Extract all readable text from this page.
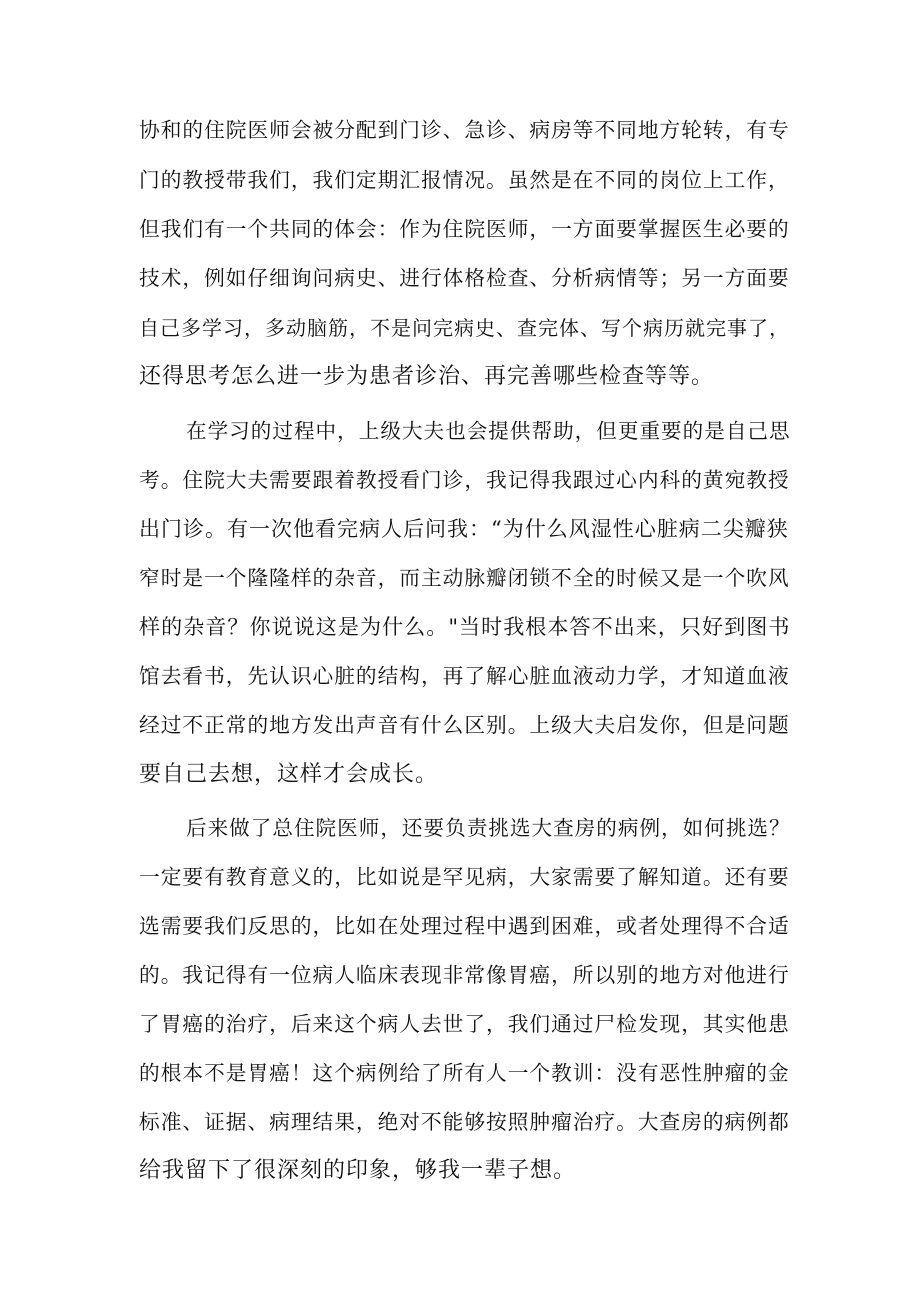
协和的住院医师会被分配到门诊、急诊、病房等不同地方轮转，有专
门的教授带我们，我们定期汇报情况。虽然是在不同的岗位上工作，
但我们有一个共同的体会：作为住院医师，一方面要掌握医生必要的
技术，例如仔细询问病史、进行体格检查、分析病情等；另一方面要
自己多学习，多动脑筋，不是问完病史、查完体、写个病历就完事了，
还得思考怎么进一步为患者诊治、再完善哪些检查等等。
在学习的过程中，上级大夫也会提供帮助，但更重要的是自己思
考。住院大夫需要跟着教授看门诊，我记得我跟过心内科的黄宛教授
出门诊。有一次他看完病人后问我：“为什么风湿性心脏病二尖瓣狭
窄时是一个隆隆样的杂音，而主动脉瓣闭锁不全的时候又是一个吹风
样的杂音？你说说这是为什么。"当时我根本答不出来，只好到图书
馆去看书，先认识心脏的结构，再了解心脏血液动力学，才知道血液
经过不正常的地方发出声音有什么区别。上级大夫启发你，但是问题
要自己去想，这样才会成长。
后来做了总住院医师，还要负责挑选大查房的病例，如何挑选？
一定要有教育意义的，比如说是罕见病，大家需要了解知道。还有要
选需要我们反思的，比如在处理过程中遇到困难，或者处理得不合适
的。我记得有一位病人临床表现非常像胃癌，所以别的地方对他进行
了胃癌的治疗，后来这个病人去世了，我们通过尸检发现，其实他患
的根本不是胃癌！这个病例给了所有人一个教训：没有恶性肿瘤的金
标准、证据、病理结果，绝对不能够按照肿瘤治疗。大查房的病例都
给我留下了很深刻的印象，够我一辈子想。
